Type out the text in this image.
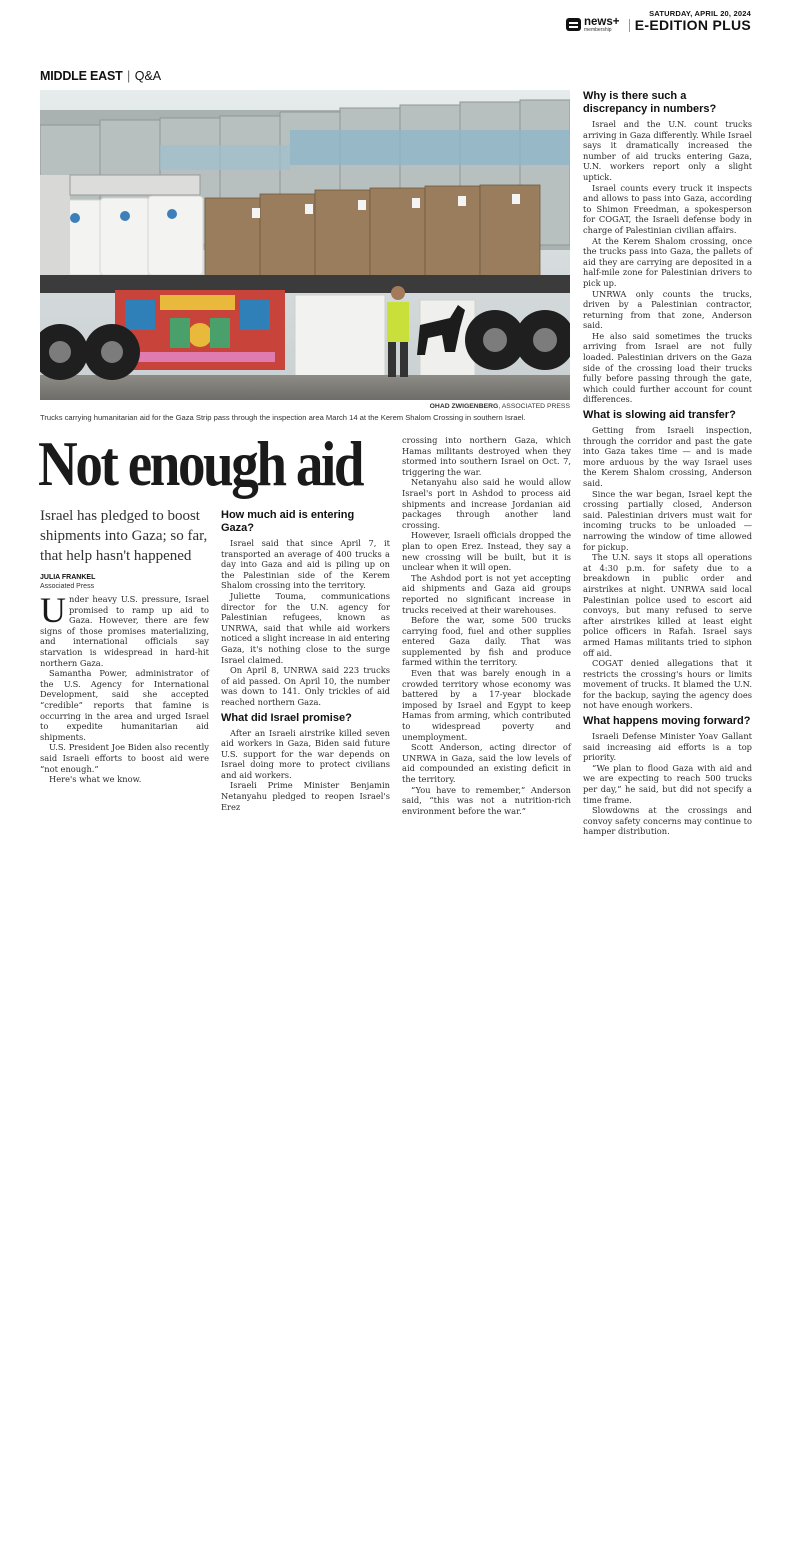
news+
membership
SATURDAY, APRIL 20, 2024
E-EDITION PLUS
MIDDLE EAST | Q&A
OHAD ZWIGENBERG, ASSOCIATED PRESS
Trucks carrying humanitarian aid for the Gaza Strip pass through the inspection area March 14 at the Kerem Shalom Crossing in southern Israel.
Not enough aid
Israel has pledged to boost shipments into Gaza; so far, that help hasn't happened
JULIA FRANKEL
Associated Press

Under heavy U.S. pressure, Israel promised to ramp up aid to Gaza. However, there are few signs of those promises materializing, and international officials say starvation is widespread in hard-hit northern Gaza.

Samantha Power, administrator of the U.S. Agency for International Development, said she accepted “credible” reports that famine is occurring in the area and urged Israel to expedite humanitarian aid shipments.

U.S. President Joe Biden also recently said Israeli efforts to boost aid were “not enough.”

Here's what we know.

How much aid is entering Gaza?

Israel said that since April 7, it transported an average of 400 trucks a day into Gaza and aid is piling up on the Palestinian side of the Kerem Shalom crossing into the territory.

Juliette Touma, communications director for the U.N. agency for Palestinian refugees, known as UNRWA, said that while aid workers noticed a slight increase in aid entering Gaza, it's nothing close to the surge Israel claimed.

On April 8, UNRWA said 223 trucks of aid passed. On April 10, the number was down to 141. Only trickles of aid reached northern Gaza.

What did Israel promise?

After an Israeli airstrike killed seven aid workers in Gaza, Biden said future U.S. support for the war depends on Israel doing more to protect civilians and aid workers.

Israeli Prime Minister Benjamin Netanyahu pledged to reopen Israel's Erez

crossing into northern Gaza, which Hamas militants destroyed when they stormed into southern Israel on Oct. 7, triggering the war.

Netanyahu also said he would allow Israel's port in Ashdod to process aid shipments and increase Jordanian aid packages through another land crossing.

However, Israeli officials dropped the plan to open Erez. Instead, they say a new crossing will be built, but it is unclear when it will open.

The Ashdod port is not yet accepting aid shipments and Gaza aid groups reported no significant increase in trucks received at their warehouses.

Before the war, some 500 trucks carrying food, fuel and other supplies entered Gaza daily. That was supplemented by fish and produce farmed within the territory.

Even that was barely enough in a crowded territory whose economy was battered by a 17-year blockade imposed by Israel and Egypt to keep Hamas from arming, which contributed to widespread poverty and unemployment.

Scott Anderson, acting director of UNRWA in Gaza, said the low levels of aid compounded an existing deficit in the territory.

“You have to remember,” Anderson said, “this was not a nutrition-rich environment before the war.”

Why is there such a discrepancy in numbers?

Israel and the U.N. count trucks arriving in Gaza differently. While Israel says it dramatically increased the number of aid trucks entering Gaza, U.N. workers report only a slight uptick.

Israel counts every truck it inspects and allows to pass into Gaza, according to Shimon Freedman, a spokesperson for COGAT, the Israeli defense body in charge of Palestinian civilian affairs.

At the Kerem Shalom crossing, once the trucks pass into Gaza, the pallets of aid they are carrying are deposited in a half-mile zone for Palestinian drivers to pick up.

UNRWA only counts the trucks, driven by a Palestinian contractor, returning from that zone, Anderson said.

He also said sometimes the trucks arriving from Israel are not fully loaded. Palestinian drivers on the Gaza side of the crossing load their trucks fully before passing through the gate, which could further account for count differences.

What is slowing aid transfer?

Getting from Israeli inspection, through the corridor and past the gate into Gaza takes time — and is made more arduous by the way Israel uses the Kerem Shalom crossing, Anderson said.

Since the war began, Israel kept the crossing partially closed, Anderson said. Palestinian drivers must wait for incoming trucks to be unloaded — narrowing the window of time allowed for pickup.

The U.N. says it stops all operations at 4:30 p.m. for safety due to a breakdown in public order and airstrikes at night. UNRWA said local Palestinian police used to escort aid convoys, but many refused to serve after airstrikes killed at least eight police officers in Rafah. Israel says armed Hamas militants tried to siphon off aid.

COGAT denied allegations that it restricts the crossing's hours or limits movement of trucks. It blamed the U.N. for the backup, saying the agency does not have enough workers.

What happens moving forward?

Israeli Defense Minister Yoav Gallant said increasing aid efforts is a top priority.

“We plan to flood Gaza with aid and we are expecting to reach 500 trucks per day,” he said, but did not specify a time frame.

Slowdowns at the crossings and convoy safety concerns may continue to hamper distribution.
